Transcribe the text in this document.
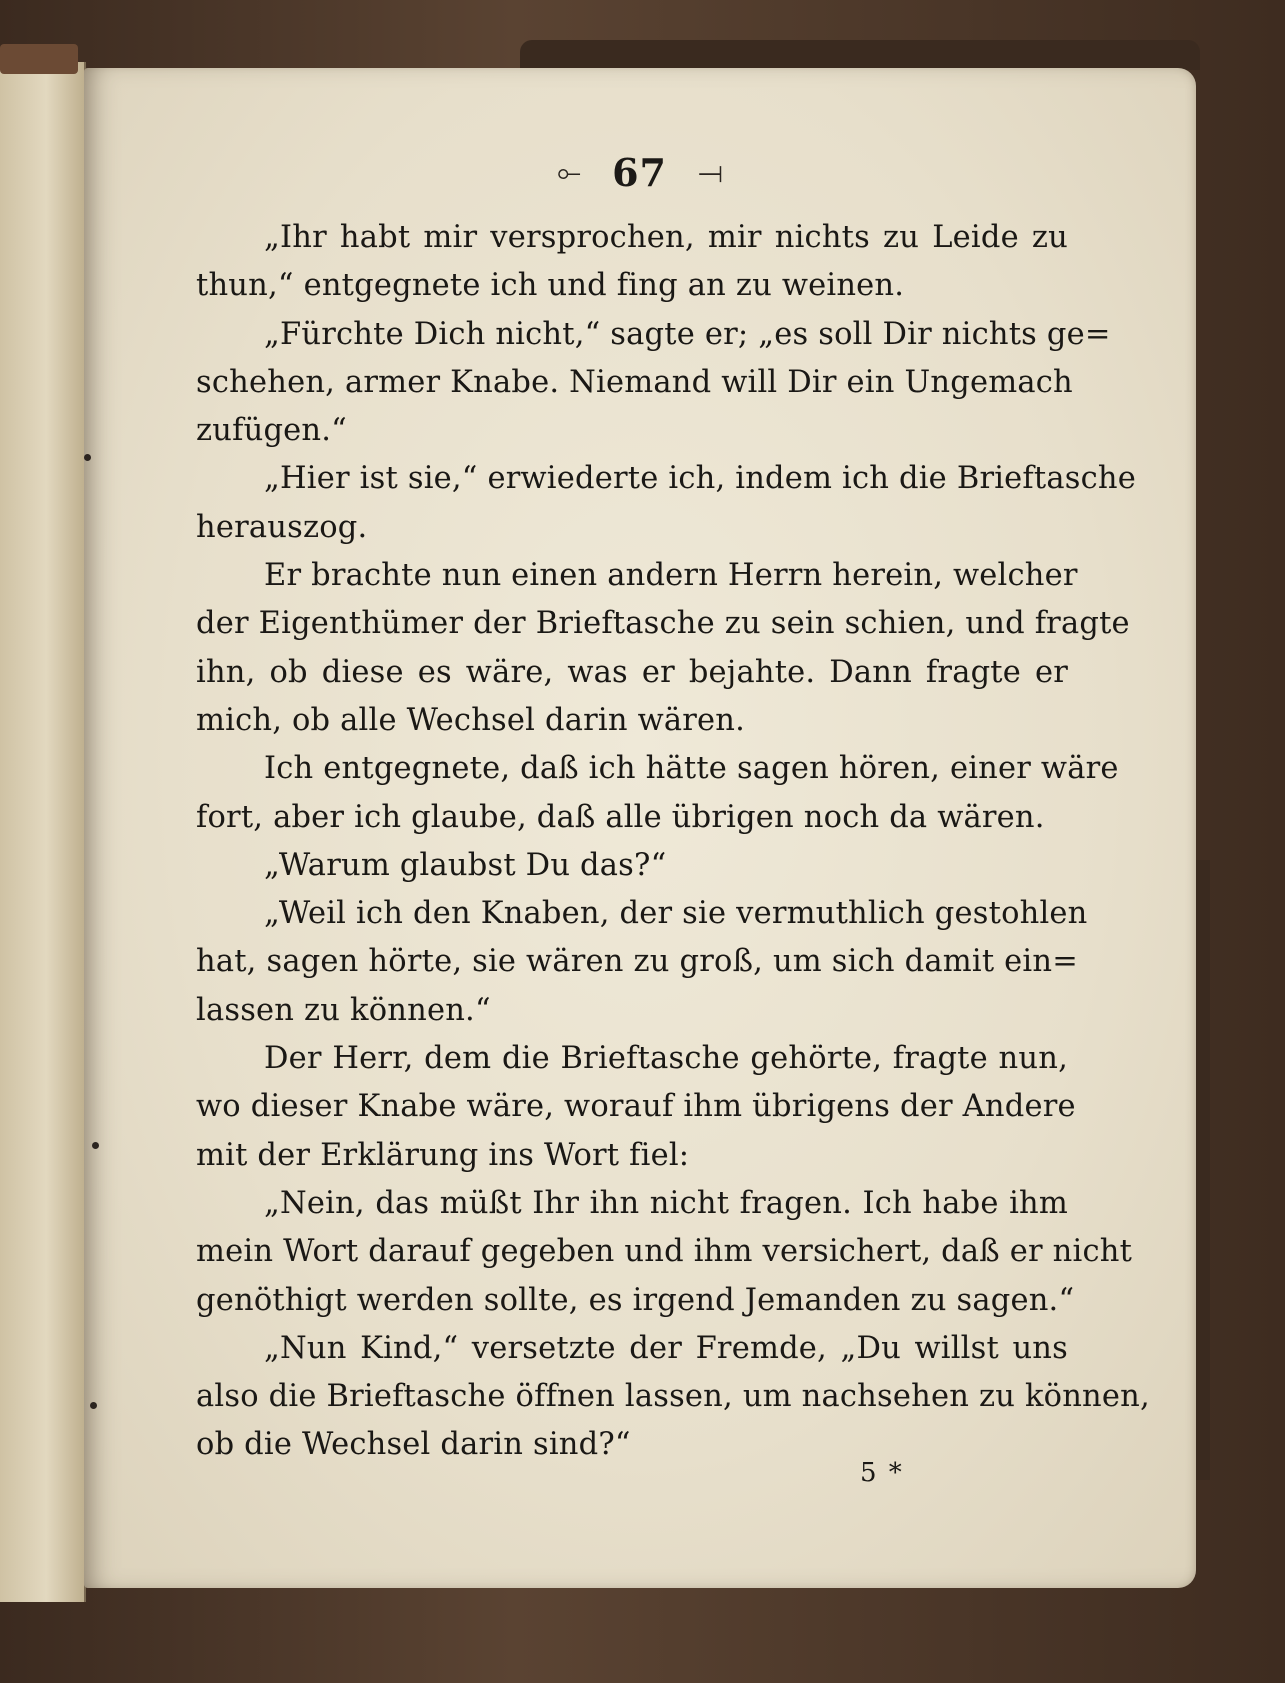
⟜ 67 ⟞
„Ihr habt mir versprochen, mir nichts zu Leide zu
thun,“ entgegnete ich und fing an zu weinen.
„Fürchte Dich nicht,“ sagte er; „es soll Dir nichts ge=
schehen, armer Knabe. Niemand will Dir ein Ungemach
zufügen.“
„Hier ist sie,“ erwiederte ich, indem ich die Brieftasche
herauszog.
Er brachte nun einen andern Herrn herein, welcher
der Eigenthümer der Brieftasche zu sein schien, und fragte
ihn, ob diese es wäre, was er bejahte. Dann fragte er
mich, ob alle Wechsel darin wären.
Ich entgegnete, daß ich hätte sagen hören, einer wäre
fort, aber ich glaube, daß alle übrigen noch da wären.
„Warum glaubst Du das?“
„Weil ich den Knaben, der sie vermuthlich gestohlen
hat, sagen hörte, sie wären zu groß, um sich damit ein=
lassen zu können.“
Der Herr, dem die Brieftasche gehörte, fragte nun,
wo dieser Knabe wäre, worauf ihm übrigens der Andere
mit der Erklärung ins Wort fiel:
„Nein, das müßt Ihr ihn nicht fragen. Ich habe ihm
mein Wort darauf gegeben und ihm versichert, daß er nicht
genöthigt werden sollte, es irgend Jemanden zu sagen.“
„Nun Kind,“ versetzte der Fremde, „Du willst uns
also die Brieftasche öffnen lassen, um nachsehen zu können,
ob die Wechsel darin sind?“
5 *
